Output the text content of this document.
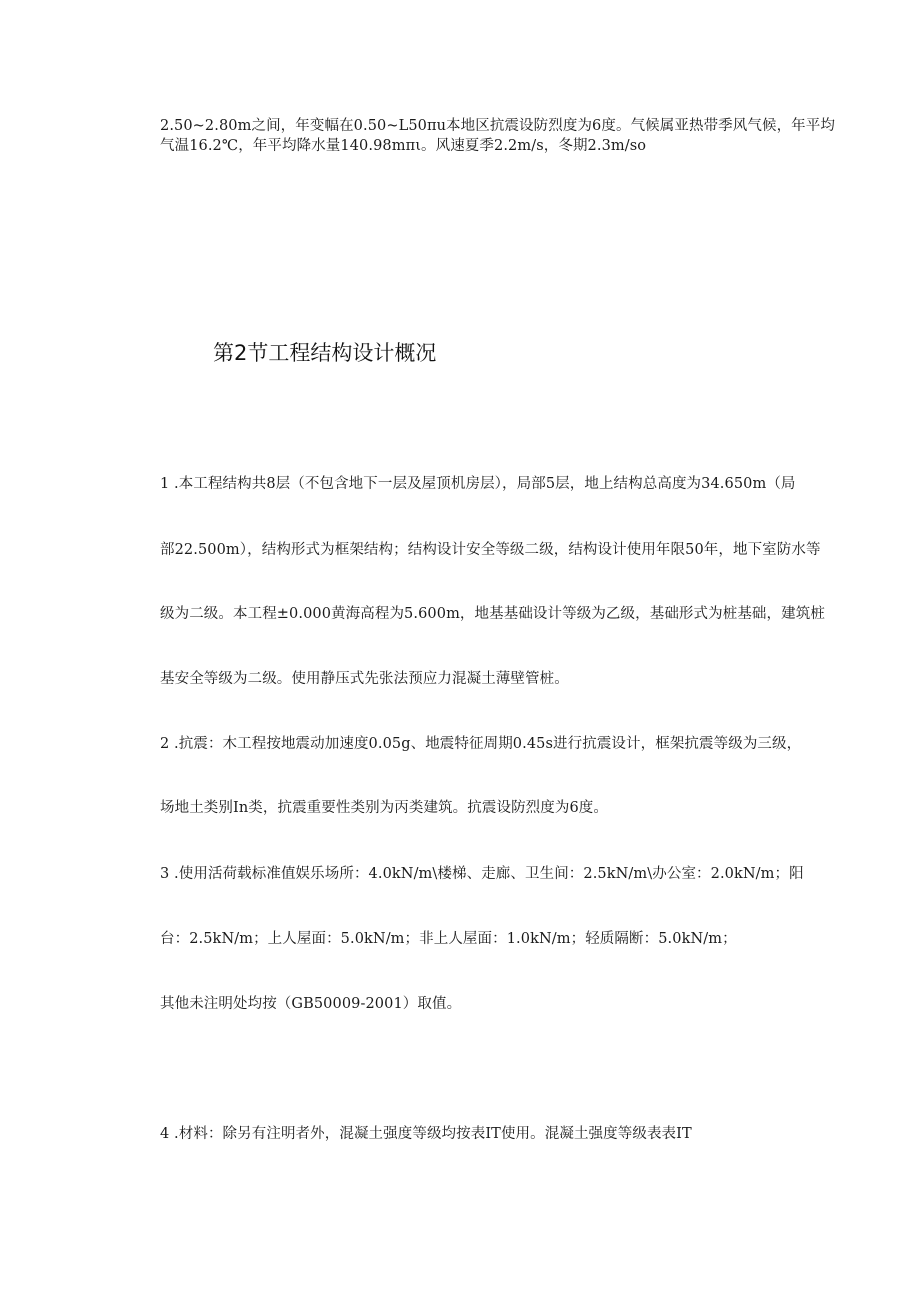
2.50~2.80m之间，年变幅在0.50~L50πu本地区抗震设防烈度为6度。气候属亚热带季风气候，年平均
气温16.2℃，年平均降水量140.98mπι。风速夏季2.2m/s，冬期2.3m/so
第2节工程结构设计概况
1 .本工程结构共8层（不包含地下一层及屋顶机房层），局部5层，地上结构总高度为34.650m（局
部22.500m），结构形式为框架结构；结构设计安全等级二级，结构设计使用年限50年，地下室防水等
级为二级。本工程±0.000黄海高程为5.600m，地基基础设计等级为乙级，基础形式为桩基础，建筑桩
基安全等级为二级。使用静压式先张法预应力混凝土薄壁管桩。
2 .抗震：木工程按地震动加速度0.05g、地震特征周期0.45s进行抗震设计，框架抗震等级为三级，
场地土类别In类，抗震重要性类别为丙类建筑。抗震设防烈度为6度。
3 .使用活荷载标准值娱乐场所：4.0kN/m\楼梯、走廊、卫生间：2.5kN/m\办公室：2.0kN/m；阳
台：2.5kN/m；上人屋面：5.0kN/m；非上人屋面：1.0kN/m；轻质隔断：5.0kN/m；
其他未注明处均按（GB50009-2001）取值。
4 .材料：除另有注明者外，混凝土强度等级均按表IT使用。混凝土强度等级表表IT
